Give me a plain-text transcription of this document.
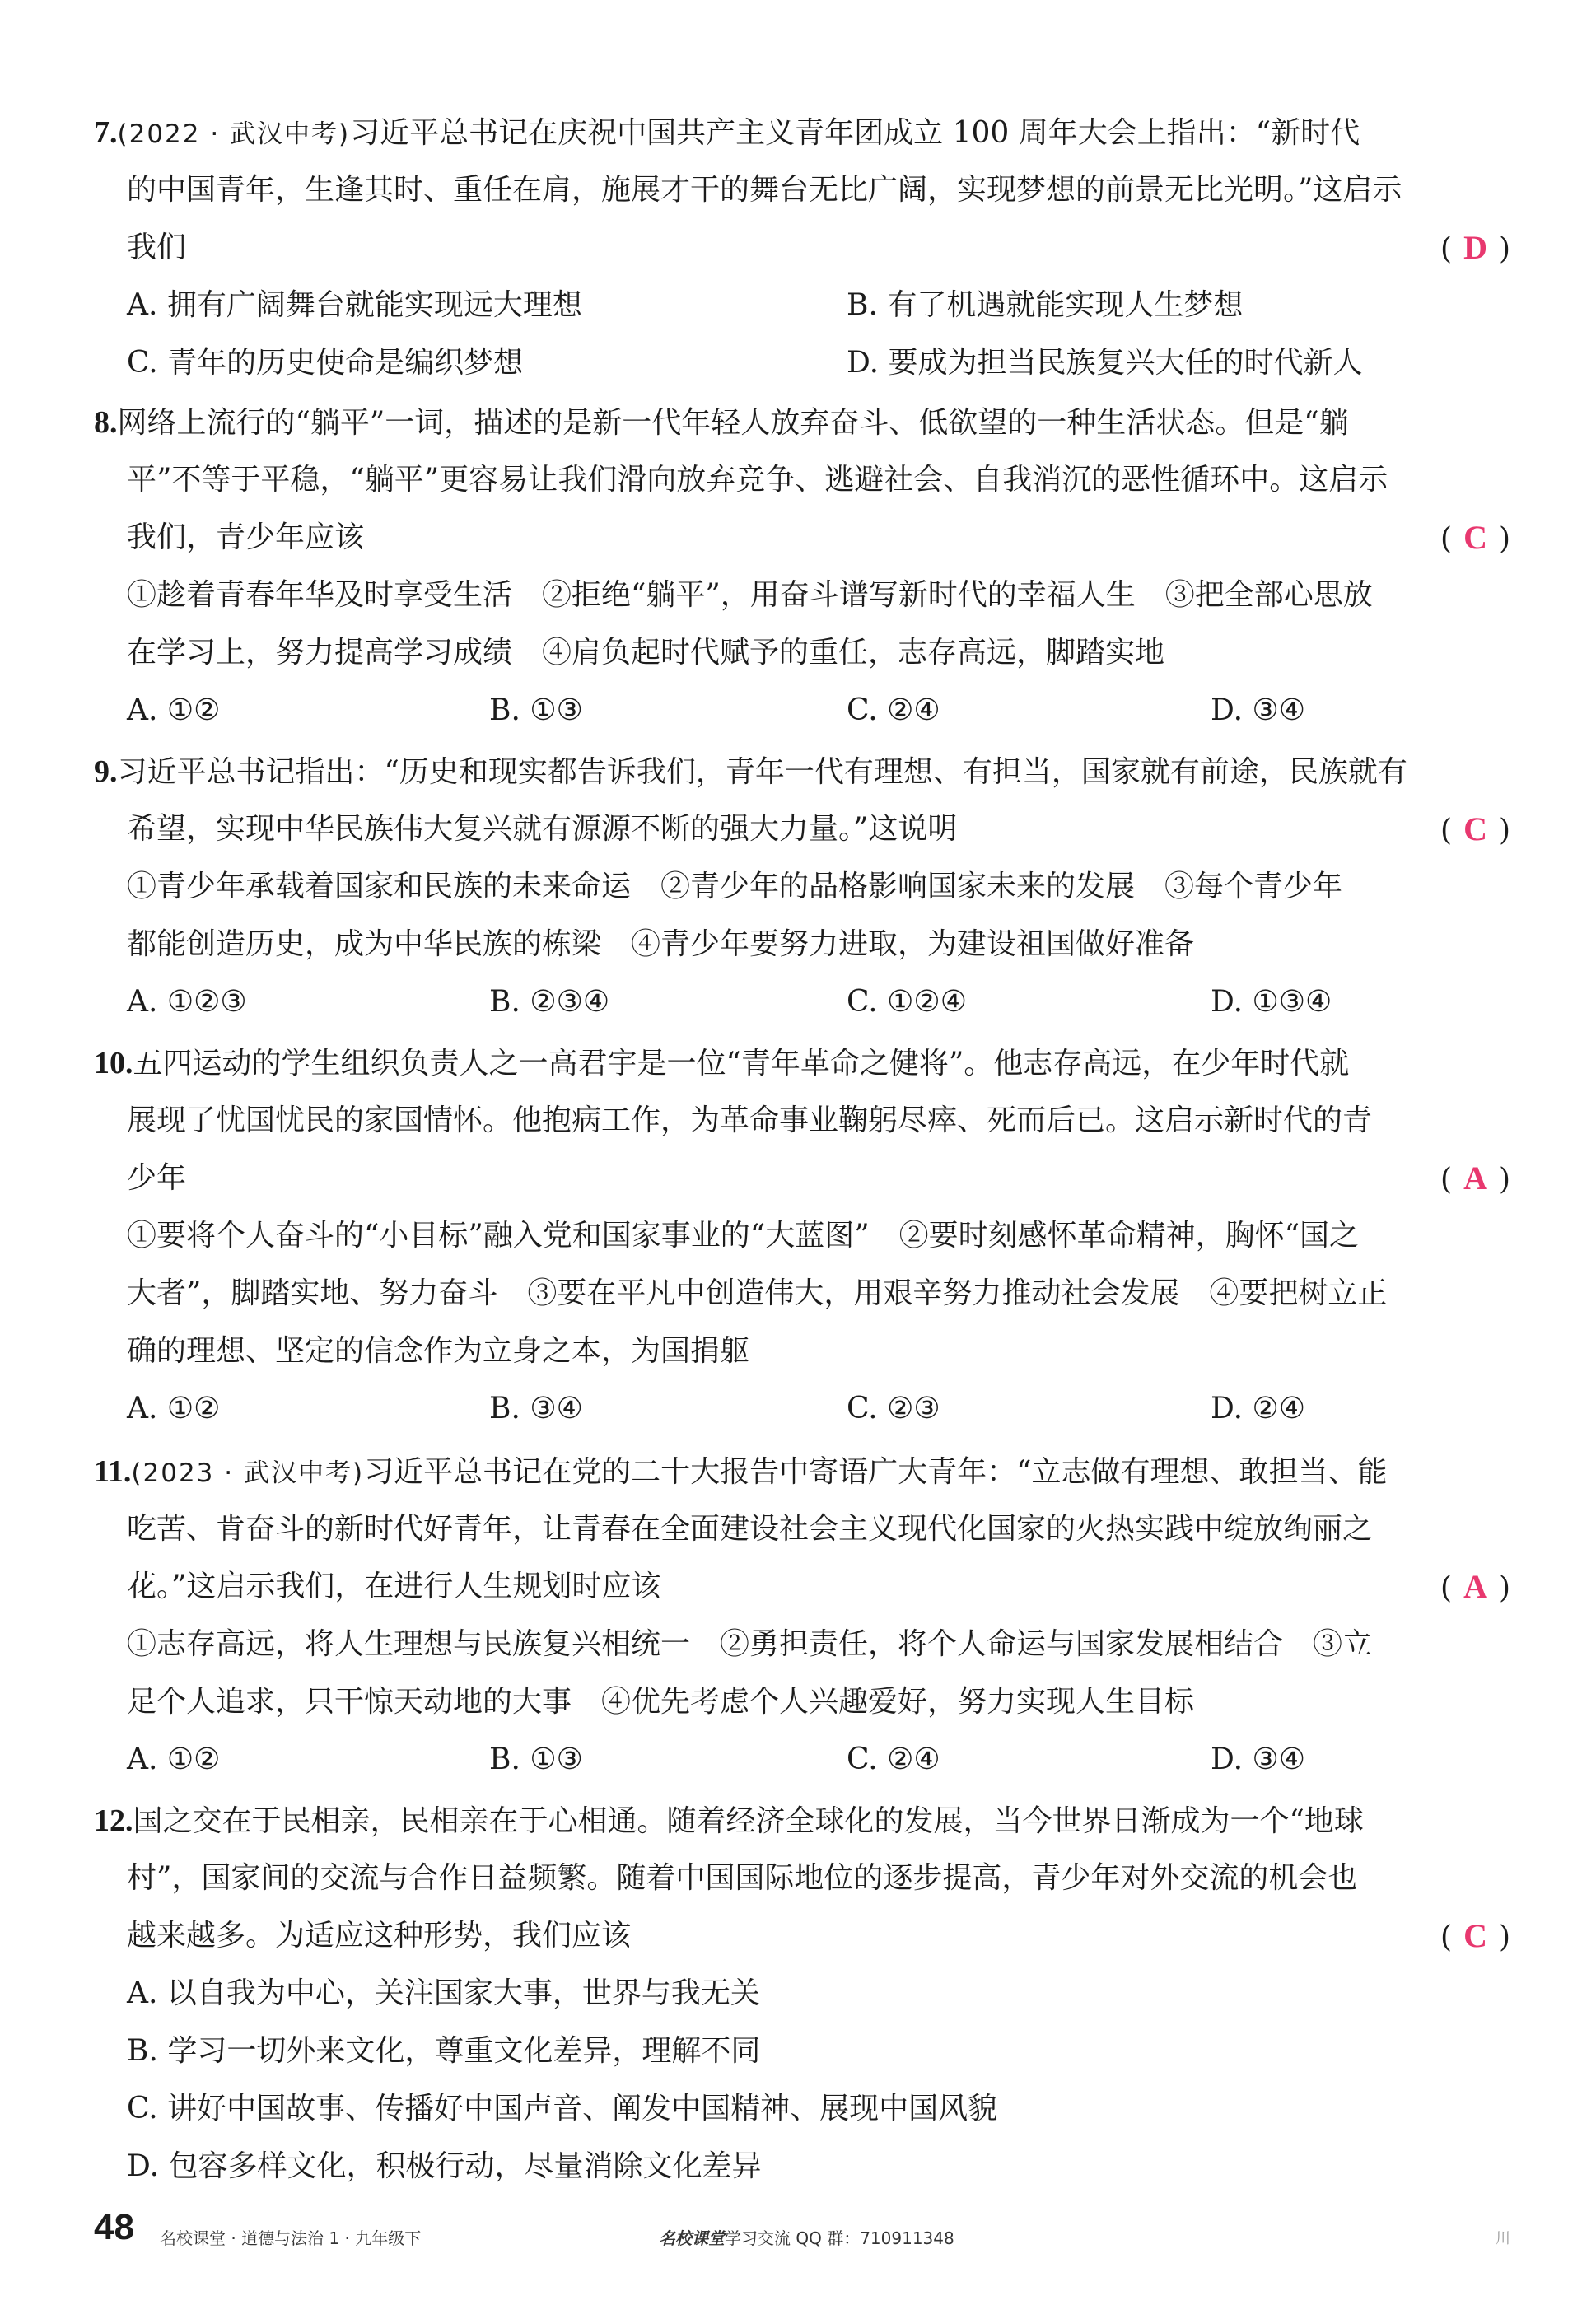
7.(2022 · 武汉中考)习近平总书记在庆祝中国共产主义青年团成立 100 周年大会上指出：“新时代
的中国青年，生逢其时、重任在肩，施展才干的舞台无比广阔，实现梦想的前景无比光明。”这启示
我们	( D )
A. 拥有广阔舞台就能实现远大理想	B. 有了机遇就能实现人生梦想
C. 青年的历史使命是编织梦想	D. 要成为担当民族复兴大任的时代新人
8.网络上流行的“躺平”一词，描述的是新一代年轻人放弃奋斗、低欲望的一种生活状态。但是“躺
平”不等于平稳，“躺平”更容易让我们滑向放弃竞争、逃避社会、自我消沉的恶性循环中。这启示
我们，青少年应该	( C )
①趁着青春年华及时享受生活　②拒绝“躺平”，用奋斗谱写新时代的幸福人生　③把全部心思放
在学习上，努力提高学习成绩　④肩负起时代赋予的重任，志存高远，脚踏实地
A. ①②	B. ①③	C. ②④	D. ③④
9.习近平总书记指出：“历史和现实都告诉我们，青年一代有理想、有担当，国家就有前途，民族就有
希望，实现中华民族伟大复兴就有源源不断的强大力量。”这说明	( C )
①青少年承载着国家和民族的未来命运　②青少年的品格影响国家未来的发展　③每个青少年
都能创造历史，成为中华民族的栋梁　④青少年要努力进取，为建设祖国做好准备
A. ①②③	B. ②③④	C. ①②④	D. ①③④
10.五四运动的学生组织负责人之一高君宇是一位“青年革命之健将”。他志存高远，在少年时代就
展现了忧国忧民的家国情怀。他抱病工作，为革命事业鞠躬尽瘁、死而后已。这启示新时代的青
少年	( A )
①要将个人奋斗的“小目标”融入党和国家事业的“大蓝图”　②要时刻感怀革命精神，胸怀“国之
大者”，脚踏实地、努力奋斗　③要在平凡中创造伟大，用艰辛努力推动社会发展　④要把树立正
确的理想、坚定的信念作为立身之本，为国捐躯
A. ①②	B. ③④	C. ②③	D. ②④
11.(2023 · 武汉中考)习近平总书记在党的二十大报告中寄语广大青年：“立志做有理想、敢担当、能
吃苦、肯奋斗的新时代好青年，让青春在全面建设社会主义现代化国家的火热实践中绽放绚丽之
花。”这启示我们，在进行人生规划时应该	( A )
①志存高远，将人生理想与民族复兴相统一　②勇担责任，将个人命运与国家发展相结合　③立
足个人追求，只干惊天动地的大事　④优先考虑个人兴趣爱好，努力实现人生目标
A. ①②	B. ①③	C. ②④	D. ③④
12.国之交在于民相亲，民相亲在于心相通。随着经济全球化的发展，当今世界日渐成为一个“地球
村”，国家间的交流与合作日益频繁。随着中国国际地位的逐步提高，青少年对外交流的机会也
越来越多。为适应这种形势，我们应该	( C )
A. 以自我为中心，关注国家大事，世界与我无关
B. 学习一切外来文化，尊重文化差异，理解不同
C. 讲好中国故事、传播好中国声音、阐发中国精神、展现中国风貌
D. 包容多样文化，积极行动，尽量消除文化差异
48 名校课堂 · 道德与法治 1 · 九年级下	名校课堂学习交流 QQ 群：710911348	川
